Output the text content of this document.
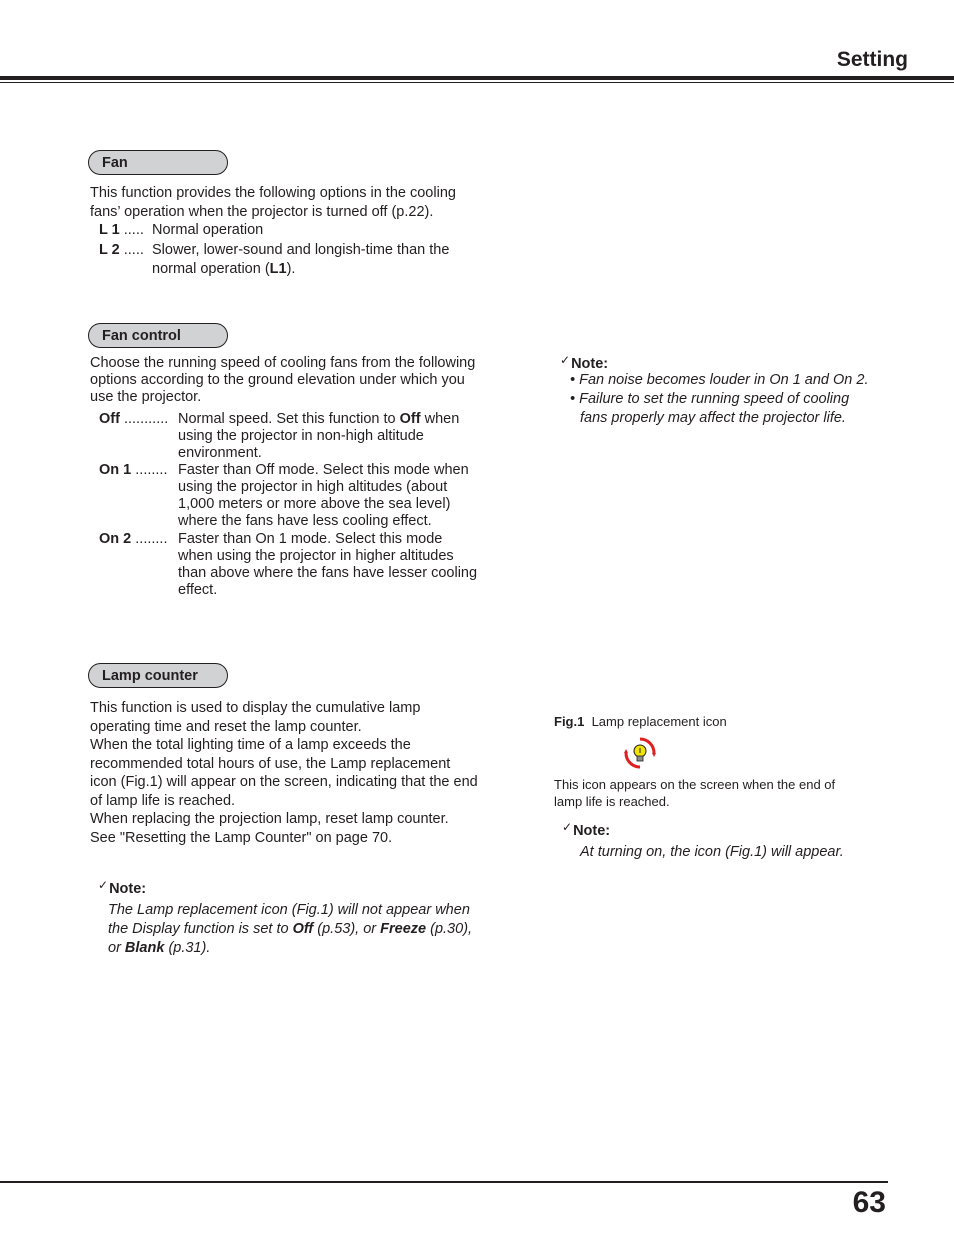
Setting
Fan
This function provides the following options in the cooling
fans’ operation when the projector is turned off (p.22).
L 1 ..... Normal operation
L 2 ..... Slower, lower-sound and longish-time than the
normal operation (L1).
Fan control
Choose the running speed of cooling fans from the following
options according to the ground elevation under which you
use the projector.
Off ........... Normal speed. Set this function to Off when
using the projector in non-high altitude
environment.
On 1 ........ Faster than Off mode. Select this mode when
using the projector in high altitudes (about
1,000 meters or more above the sea level)
where the fans have less cooling effect.
On 2 ........ Faster than On 1 mode. Select this mode
when using the projector in higher altitudes
than above where the fans have lesser cooling
effect.
✓Note:
• Fan noise becomes louder in On 1 and On 2.
• Failure to set the running speed of cooling
fans properly may affect the projector life.
Lamp counter
This function is used to display the cumulative lamp
operating time and reset the lamp counter.
When the total lighting time of a lamp exceeds the
recommended total hours of use, the Lamp replacement
icon (Fig.1) will appear on the screen, indicating that the end
of lamp life is reached.
When replacing the projection lamp, reset lamp counter.
See "Resetting the Lamp Counter" on page 70.
✓Note:
The Lamp replacement icon (Fig.1) will not appear when
the Display function is set to Off (p.53), or Freeze (p.30),
or Blank (p.31).
Fig.1 Lamp replacement icon
This icon appears on the screen when the end of
lamp life is reached.
✓Note:
At turning on, the icon (Fig.1) will appear.
63
